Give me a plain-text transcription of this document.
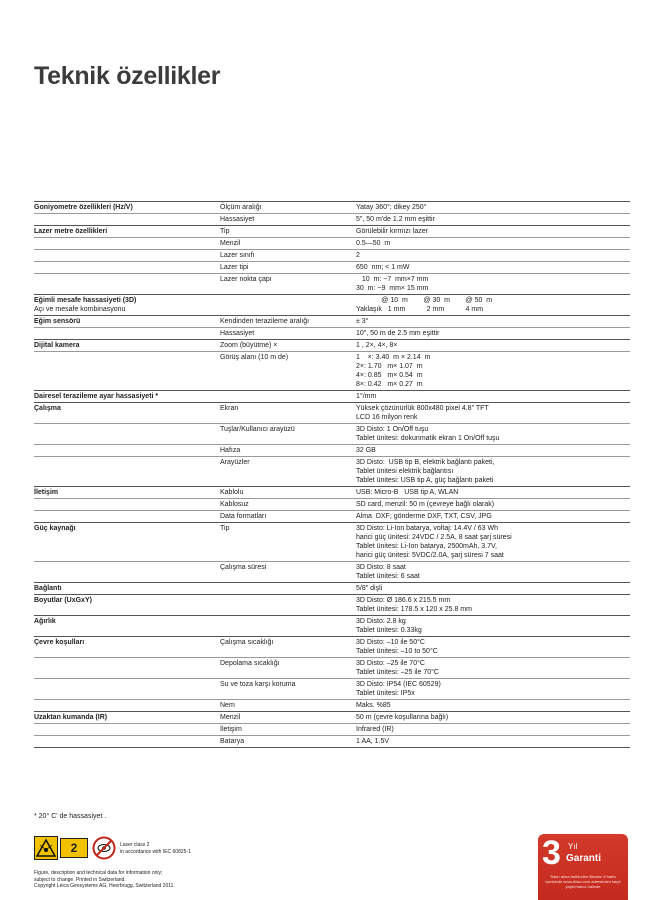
Teknik özellikler
Goniyometre özellikleri (Hz/V)	Ölçüm aralığı	Yatay 360°; dikey 250°
Hassasiyet	5", 50 m'de 1.2 mm eşittir
Lazer metre özellikleri	Tip	Görülebilir kırmızı lazer
Menzil	0.5—50  m
Lazer sınıfı	2
Lazer tipi	650  nm; < 1 mW
Lazer nokta çapı	10  m: ~7  mm×7 mm
30  m: ~9  mm× 15 mm
Eğimli mesafe hassasiyeti (3D)
Açı ve mesafe kombinasyonu
@ 10  m        @ 30  m        @ 50  m
Yaklaşık   1 mm           2 mm           4 mm
Eğim sensörü	Kendinden terazileme aralığı	± 3°
Hassasiyet	10", 50 m de 2.5 mm eşittir
Dijital kamera	Zoom (büyütme) ×	1 , 2×, 4×, 8×
Görüş alanı (10 m de)	1    ×: 3.40  m × 2.14  m
2×: 1.70   m× 1.07  m
4×: 0.85   m× 0.54  m
8×: 0.42   m× 0.27  m
Dairesel terazileme ayar hassasiyeti *	1°/mm
Çalışma	Ekran	Yüksek çözünürlük 800x480 pixel 4.8" TFT
LCD 16 milyon renk
Tuşlar/Kullanıcı arayüzü	3D Disto: 1 On/Off tuşu
Tablet ünitesi: dokunmatik ekran 1 On/Off tuşu
Hafıza	32 GB
Arayüzler	3D Disto:  USB tip B, elektrik bağlantı paketi,
Tablet ünitesi elektrik bağlantısı
Tablet ünitesi: USB tip A, güç bağlantı paketi
İletişim	Kablolu	USB: Micro-B   USB tip A, WLAN
Kablosuz	SD card, menzil: 50 m (çevreye bağlı olarak)
Data formatları	Alma  DXF; gönderme DXF, TXT, CSV, JPG
Güç kaynağı	Tip	3D Disto: Li-Ion batarya, voltaj: 14.4V / 63 Wh
harici güç ünitesi: 24VDC / 2.5A, 8 saat şarj süresi
Tablet ünitesi: Li-Ion batarya, 2500mAh, 3.7V,
harici güç ünitesi: 5VDC/2.0A, şarj süresi 7 saat
Çalışma süresi	3D Disto: 8 saat
Tablet ünitesi: 6 saat
Bağlantı	5/8" dişli
Boyutlar (UxGxY)	3D Disto: Ø 186.6 x 215.5 mm
Tablet ünitesi: 178.5 x 120 x 25.8 mm
Ağırlık	3D Disto: 2.8 kg
Tablet ünitesi: 0.33kg
Çevre koşulları	Çalışma sıcaklığı	3D Disto: –10 ile 50°C
Tablet ünitesi: –10 to 50°C
Depolama sıcaklığı	3D Disto: –25 ile 70°C
Tablet ünitesi: –25 ile 70°C
Su ve toza karşı koruma	3D Disto: IP54 (IEC 60529)
Tablet ünitesi: IP5x
Nem	Maks. %85
Uzaktan kumanda (IR)	Menzil	50 m (çevre koşullarına bağlı)
İletişim	Infrared (IR)
Batarya	1 AA, 1.5V
* 20° C' de hassasiyet .
2	Laser class 2
in accordance with IEC 60825-1
Figure, description and technical data for information only;
subject to change. Printed in Switzerland.
Copyright Leica Geosystems AG, Heerbrugg, Switzerland 2011
3 Yıl
Garanti
Satın alma tarihinden itibaren 8 hafta içerisinde www.disto.com adresinden kayıt yaptırmanız halinde
